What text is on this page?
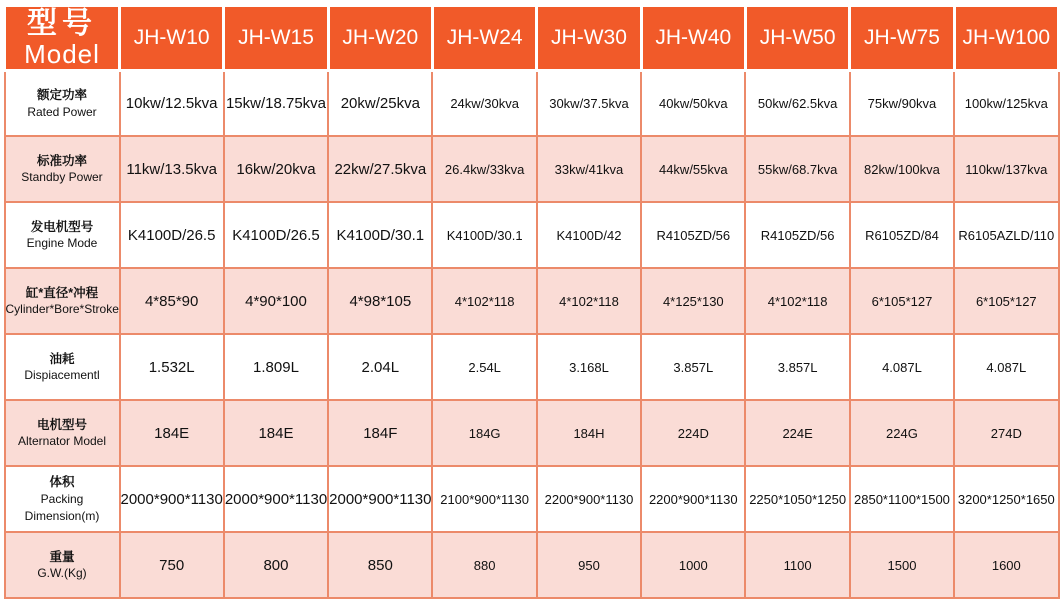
型号
Model	JH-W10	JH-W15	JH-W20	JH-W24	JH-W30	JH-W40	JH-W50	JH-W75	JH-W100

额定功率
Rated Power	10kw/12.5kva	15kw/18.75kva	20kw/25kva	24kw/30kva	30kw/37.5kva	40kw/50kva	50kw/62.5kva	75kw/90kva	100kw/125kva

标准功率
Standby Power	11kw/13.5kva	16kw/20kva	22kw/27.5kva	26.4kw/33kva	33kw/41kva	44kw/55kva	55kw/68.7kva	82kw/100kva	110kw/137kva

发电机型号
Engine Mode	K4100D/26.5	K4100D/26.5	K4100D/30.1	K4100D/30.1	K4100D/42	R4105ZD/56	R4105ZD/56	R6105ZD/84	R6105AZLD/110

缸*直径*冲程
Cylinder*Bore*Stroke	4*85*90	4*90*100	4*98*105	4*102*118	4*102*118	4*125*130	4*102*118	6*105*127	6*105*127

油耗
Dispiacementl	1.532L	1.809L	2.04L	2.54L	3.168L	3.857L	3.857L	4.087L	4.087L

电机型号
Alternator Model	184E	184E	184F	184G	184H	224D	224E	224G	274D

体积
Packing Dimension(m)	2000*900*1130	2000*900*1130	2000*900*1130	2100*900*1130	2200*900*1130	2200*900*1130	2250*1050*1250	2850*1100*1500	3200*1250*1650

重量
G.W.(Kg)	750	800	850	880	950	1000	1100	1500	1600
